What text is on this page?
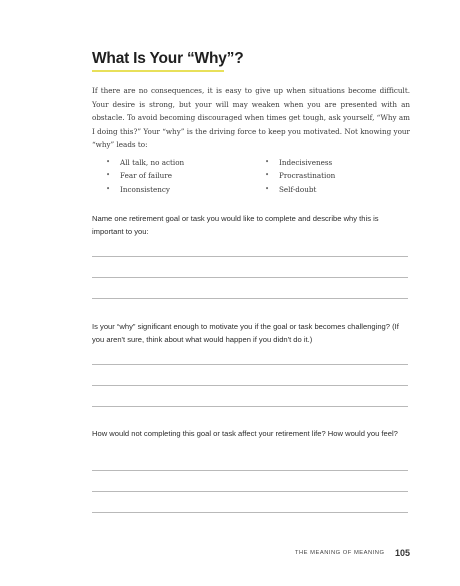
What Is Your “Why”?

If there are no consequences, it is easy to give up when situations become difficult. Your desire is strong, but your will may weaken when you are presented with an obstacle. To avoid becoming discouraged when times get tough, ask yourself, “Why am I doing this?” Your “why” is the driving force to keep you motivated. Not knowing your “why” leads to:

• All talk, no action
• Fear of failure
• Inconsistency
• Indecisiveness
• Procrastination
• Self-doubt

Name one retirement goal or task you would like to complete and describe why this is important to you:

Is your “why” significant enough to motivate you if the goal or task becomes challenging? (If you aren't sure, think about what would happen if you didn't do it.)

How would not completing this goal or task affect your retirement life? How would you feel?

THE MEANING OF MEANING 105
